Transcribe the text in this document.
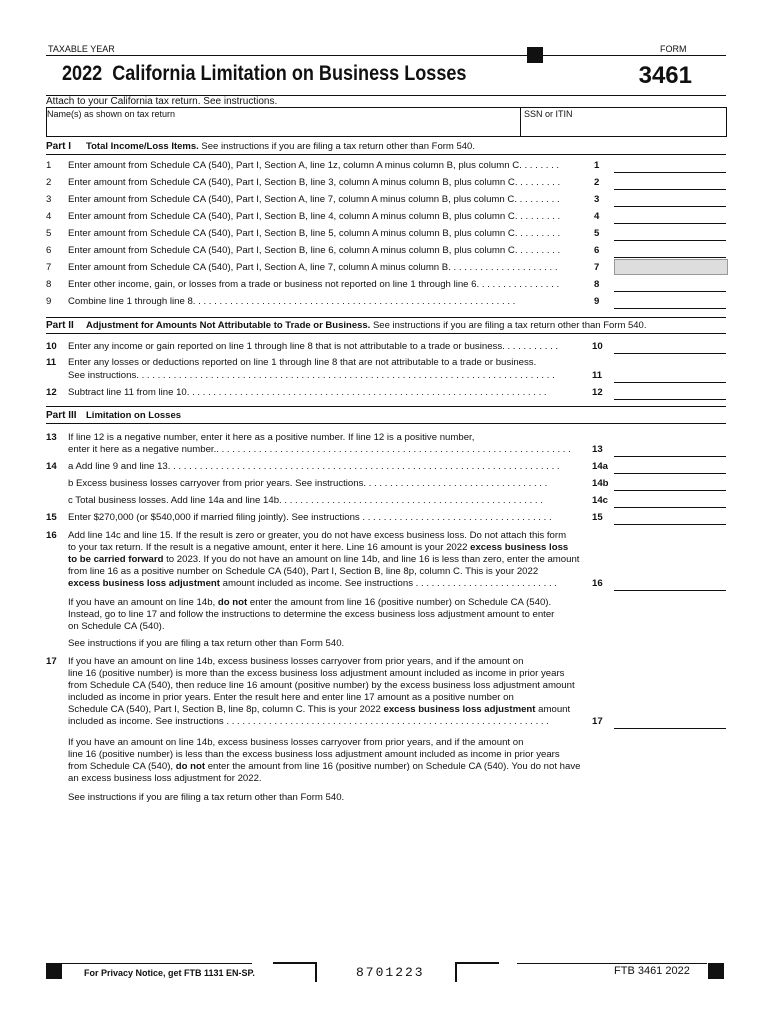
TAXABLE YEAR	FORM
2022 California Limitation on Business Losses	3461
Attach to your California tax return. See instructions.
Name(s) as shown on tax return	SSN or ITIN
Part I Total Income/Loss Items. See instructions if you are filing a tax return other than Form 540.
1	Enter amount from Schedule CA (540), Part I, Section A, line 1z, column A minus column B, plus column C. . . . . . . .	1
2	Enter amount from Schedule CA (540), Part I, Section B, line 3, column A minus column B, plus column C. . . . . . . . .	2
3	Enter amount from Schedule CA (540), Part I, Section A, line 7, column A minus column B, plus column C. . . . . . . . .	3
4	Enter amount from Schedule CA (540), Part I, Section B, line 4, column A minus column B, plus column C. . . . . . . . .	4
5	Enter amount from Schedule CA (540), Part I, Section B, line 5, column A minus column B, plus column C. . . . . . . . .	5
6	Enter amount from Schedule CA (540), Part I, Section B, line 6, column A minus column B, plus column C. . . . . . . . .	6
7	Enter amount from Schedule CA (540), Part I, Section A, line 7, column A minus column B. . . . . . . . . . . . . . . . . . . . .	7
8	Enter other income, gain, or losses from a trade or business not reported on line 1 through line 6. . . . . . . . . . . . . . . .	8
9	Combine line 1 through line 8. . . . . . . . . . . . . . . . . . . . . . . . . . . . . . . . . . . . . . . . . . . . . . . . . . . . . . . . . . . . .	9
Part II Adjustment for Amounts Not Attributable to Trade or Business. See instructions if you are filing a tax return other than Form 540.
10	Enter any income or gain reported on line 1 through line 8 that is not attributable to a trade or business. . . . . . . . . . .	10
11	Enter any losses or deductions reported on line 1 through line 8 that are not attributable to a trade or business.
See instructions. . . . . . . . . . . . . . . . . . . . . . . . . . . . . . . . . . . . . . . . . . . . . . . . . . . . . . . . . . . . . . . . . . . . . . . . . . . . . . .	11
12	Subtract line 11 from line 10. . . . . . . . . . . . . . . . . . . . . . . . . . . . . . . . . . . . . . . . . . . . . . . . . . . . . . . . . . . . . . . . . . . .	12
Part III Limitation on Losses
13	If line 12 is a negative number, enter it here as a positive number. If line 12 is a positive number,
enter it here as a negative number.. . . . . . . . . . . . . . . . . . . . . . . . . . . . . . . . . . . . . . . . . . . . . . . . . . . . . . . . . . . . . . . . . . .	13
14	a Add line 9 and line 13. . . . . . . . . . . . . . . . . . . . . . . . . . . . . . . . . . . . . . . . . . . . . . . . . . . . . . . . . . . . . . . . . . . . . . . . . .	14a
b Excess business losses carryover from prior years. See instructions. . . . . . . . . . . . . . . . . . . . . . . . . . . . . . . . . . .	14b
c Total business losses. Add line 14a and line 14b. . . . . . . . . . . . . . . . . . . . . . . . . . . . . . . . . . . . . . . . . . . . . . . . . .	14c
15	Enter $270,000 (or $540,000 if married filing jointly). See instructions . . . . . . . . . . . . . . . . . . . . . . . . . . . . . . . . . . . .	15
16	Add line 14c and line 15. If the result is zero or greater, you do not have excess business loss. Do not attach this form
to your tax return. If the result is a negative amount, enter it here. Line 16 amount is your 2022 excess business loss
to be carried forward to 2023. If you do not have an amount on line 14b, and line 16 is less than zero, enter the amount
from line 16 as a positive number on Schedule CA (540), Part I, Section B, line 8p, column C. This is your 2022
excess business loss adjustment amount included as income. See instructions . . . . . . . . . . . . . . . . . . . . . . . . . . .	16
If you have an amount on line 14b, do not enter the amount from line 16 (positive number) on Schedule CA (540).
Instead, go to line 17 and follow the instructions to determine the excess business loss adjustment amount to enter
on Schedule CA (540).
See instructions if you are filing a tax return other than Form 540.
17	If you have an amount on line 14b, excess business losses carryover from prior years, and if the amount on
line 16 (positive number) is more than the excess business loss adjustment amount included as income in prior years
from Schedule CA (540), then reduce line 16 amount (positive number) by the excess business loss adjustment amount
included as income in prior years. Enter the result here and enter line 17 amount as a positive number on
Schedule CA (540), Part I, Section B, line 8p, column C. This is your 2022 excess business loss adjustment amount
included as income. See instructions . . . . . . . . . . . . . . . . . . . . . . . . . . . . . . . . . . . . . . . . . . . . . . . . . . . . . . . . . . . . .	17
If you have an amount on line 14b, excess business losses carryover from prior years, and if the amount on
line 16 (positive number) is less than the excess business loss adjustment amount included as income in prior years
from Schedule CA (540), do not enter the amount from line 16 (positive number) on Schedule CA (540). You do not have
an excess business loss adjustment for 2022.
See instructions if you are filing a tax return other than Form 540.
For Privacy Notice, get FTB 1131 EN-SP.	8701223	FTB 3461 2022
